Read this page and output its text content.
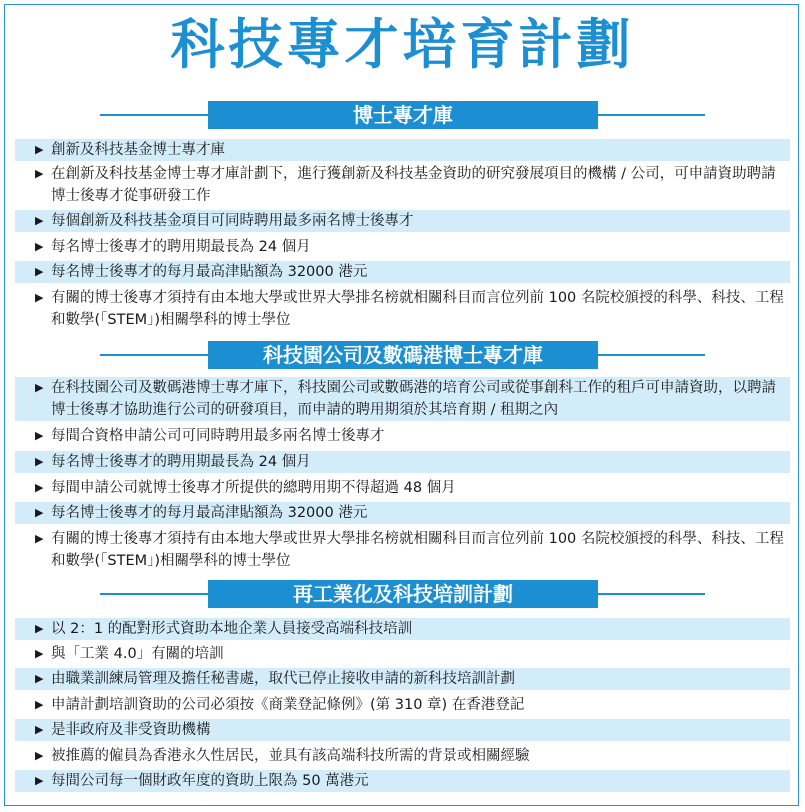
科技專才培育計劃
博士專才庫
▶ 創新及科技基金博士專才庫
▶ 在創新及科技基金博士專才庫計劃下，進行獲創新及科技基金資助的研究發展項目的機構 / 公司，可申請資助聘請博士後專才從事研發工作
▶ 每個創新及科技基金項目可同時聘用最多兩名博士後專才
▶ 每名博士後專才的聘用期最長為 24 個月
▶ 每名博士後專才的每月最高津貼額為 32000 港元
▶ 有關的博士後專才須持有由本地大學或世界大學排名榜就相關科目而言位列前 100 名院校頒授的科學、科技、工程和數學(「STEM」)相關學科的博士學位
科技園公司及數碼港博士專才庫
▶ 在科技園公司及數碼港博士專才庫下，科技園公司或數碼港的培育公司或從事創科工作的租戶可申請資助，以聘請博士後專才協助進行公司的研發項目，而申請的聘用期須於其培育期 / 租期之內
▶ 每間合資格申請公司可同時聘用最多兩名博士後專才
▶ 每名博士後專才的聘用期最長為 24 個月
▶ 每間申請公司就博士後專才所提供的總聘用期不得超過 48 個月
▶ 每名博士後專才的每月最高津貼額為 32000 港元
▶ 有關的博士後專才須持有由本地大學或世界大學排名榜就相關科目而言位列前 100 名院校頒授的科學、科技、工程和數學(「STEM」)相關學科的博士學位
再工業化及科技培訓計劃
▶ 以 2：1 的配對形式資助本地企業人員接受高端科技培訓
▶ 與「工業 4.0」有關的培訓
▶ 由職業訓練局管理及擔任秘書處，取代已停止接收申請的新科技培訓計劃
▶ 申請計劃培訓資助的公司必須按《商業登記條例》(第 310 章) 在香港登記
▶ 是非政府及非受資助機構
▶ 被推薦的僱員為香港永久性居民，並具有該高端科技所需的背景或相關經驗
▶ 每間公司每一個財政年度的資助上限為 50 萬港元
